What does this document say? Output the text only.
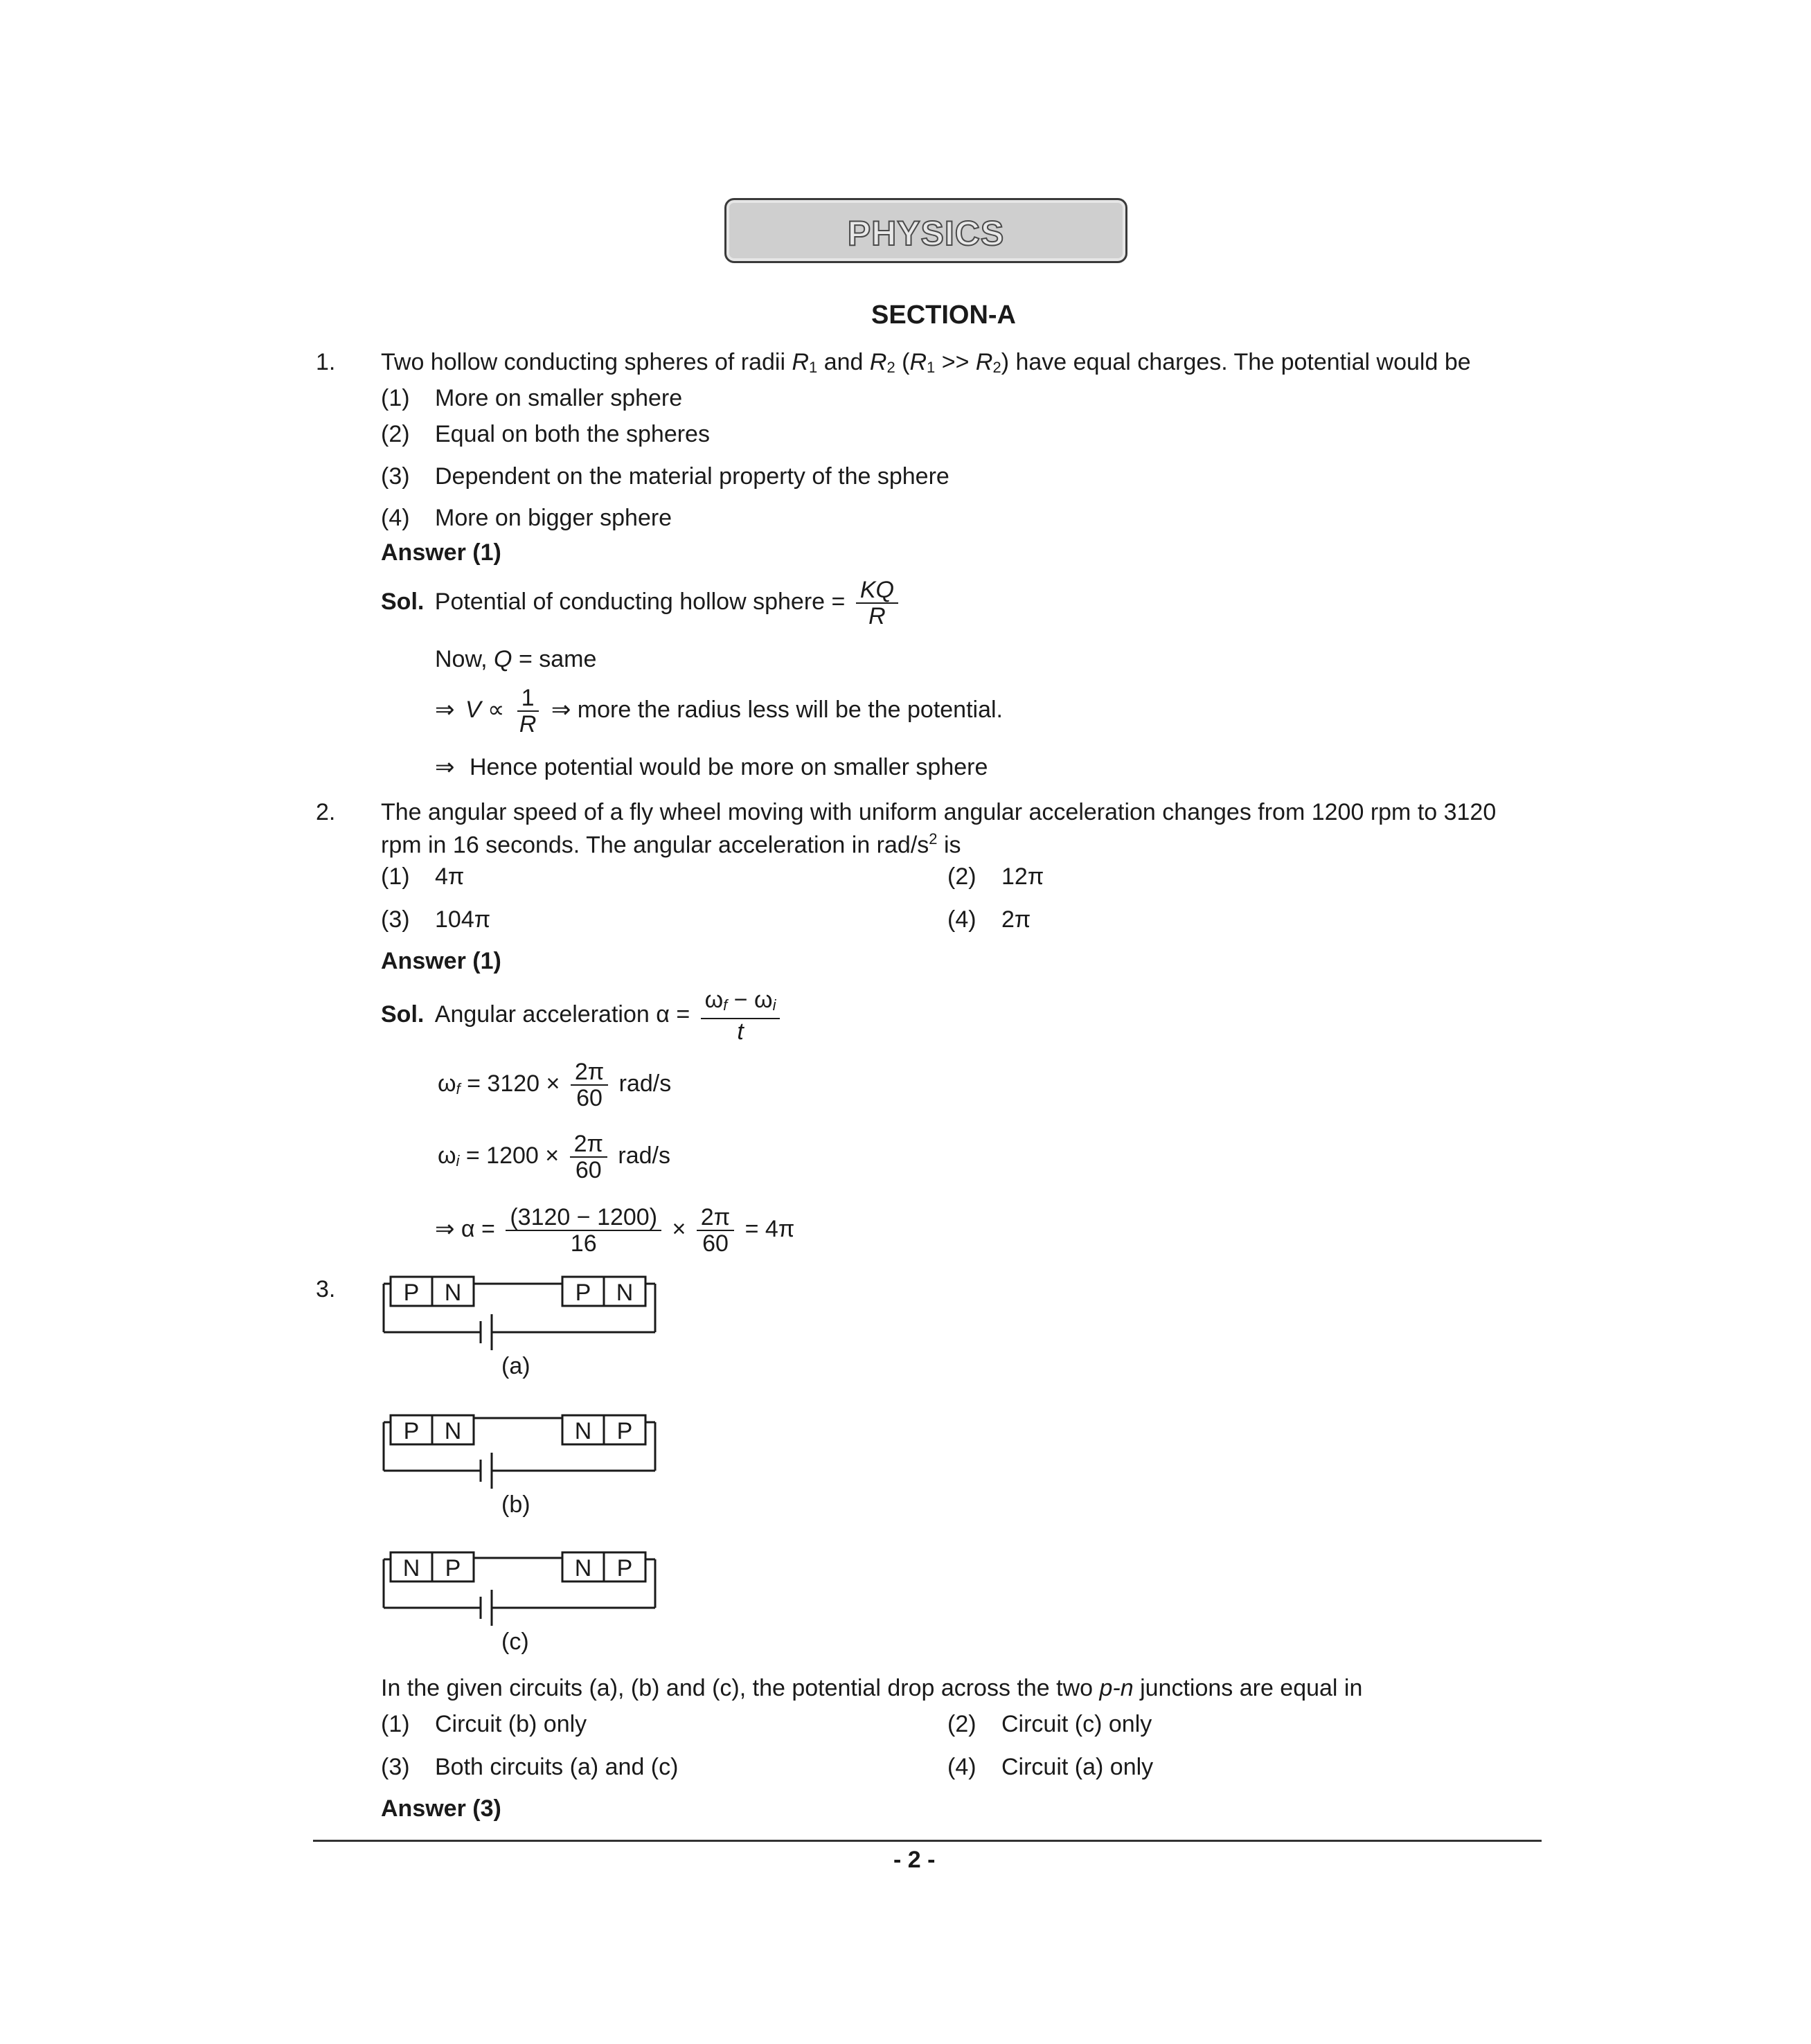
PHYSICS
SECTION-A
1. Two hollow conducting spheres of radii R1 and R2 (R1 >> R2) have equal charges. The potential would be
(1) More on smaller sphere
(2) Equal on both the spheres
(3) Dependent on the material property of the sphere
(4) More on bigger sphere
Answer (1)
Sol. Potential of conducting hollow sphere = $\frac{KQ}{R}$
Now, Q = same
⇒ $V \propto \frac{1}{R}$ ⇒ more the radius less will be the potential.
⇒ Hence potential would be more on smaller sphere
2. The angular speed of a fly wheel moving with uniform angular acceleration changes from 1200 rpm to 3120
rpm in 16 seconds. The angular acceleration in rad/$s^2$ is
(1) 4π	(2) 12π
(3) 104π	(4) 2π
Answer (1)
Sol. Angular acceleration $\alpha = \frac{\omega f - \omega i}{t}$
$\omega f = 3120 \times \frac{2\pi}{60} rad/s$
$\omega i = 1200 \times \frac{2\pi}{60} rad/s$
⇒ $\alpha = \frac{(3120 - 1200)}{16} \times \frac{2\pi}{60} = 4\pi$
3.	P N	P N
(a)
P N	N P
(b)
N P	N P
(c)
In the given circuits (a), (b) and (c), the potential drop across the two p-n junctions are equal in
(1) Circuit (b) only	(2) Circuit (c) only
(3) Both circuits (a) and (c)	(4) Circuit (a) only
Answer (3)
- 2 -
